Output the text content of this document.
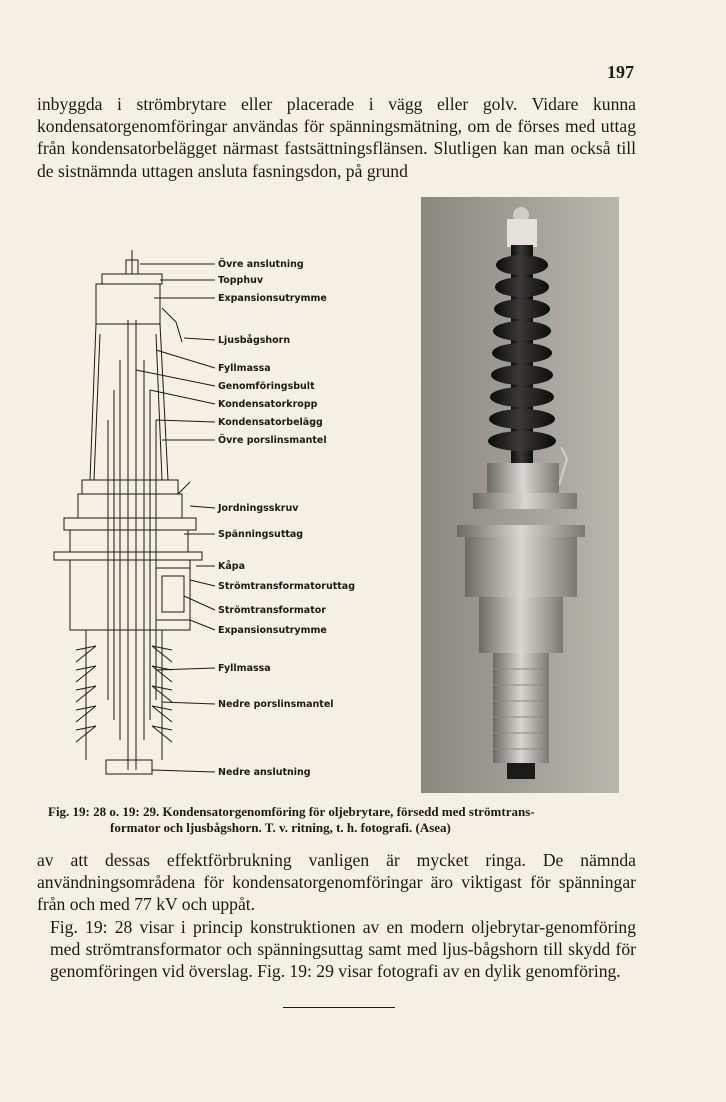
197

inbyggda i strömbrytare eller placerade i vägg eller golv. Vidare kunna kondensatorgenomföringar användas för spänningsmätning, om de förses med uttag från kondensatorbelägget närmast fastsättningsflänsen. Slutligen kan man också till de sistnämnda uttagen ansluta fasningsdon, på grund

Övre anslutning
Topphuv
Expansionsutrymme
Ljusbågshorn
Fyllmassa
Genomföringsbult
Kondensatorkropp
Kondensatorbelägg
Övre porslinsmantel
Jordningsskruv
Spänningsuttag
Kåpa
Strömtransformatoruttag
Strömtransformator
Expansionsutrymme
Fyllmassa
Nedre porslinsmantel
Nedre anslutning
Fig. 19: 28 o. 19: 29. Kondensatorgenomföring för oljebrytare, försedd med strömtrans-
formator och ljusbågshorn. T. v. ritning, t. h. fotografi. (Asea)
av att dessas effektförbrukning vanligen är mycket ringa. De nämnda användningsområdena för kondensatorgenomföringar äro viktigast för spänningar från och med 77 kV och uppåt.
Fig. 19: 28 visar i princip konstruktionen av en modern oljebrytar-genomföring med strömtransformator och spänningsuttag samt med ljus-bågshorn till skydd för genomföringen vid överslag. Fig. 19: 29 visar fotografi av en dylik genomföring.
